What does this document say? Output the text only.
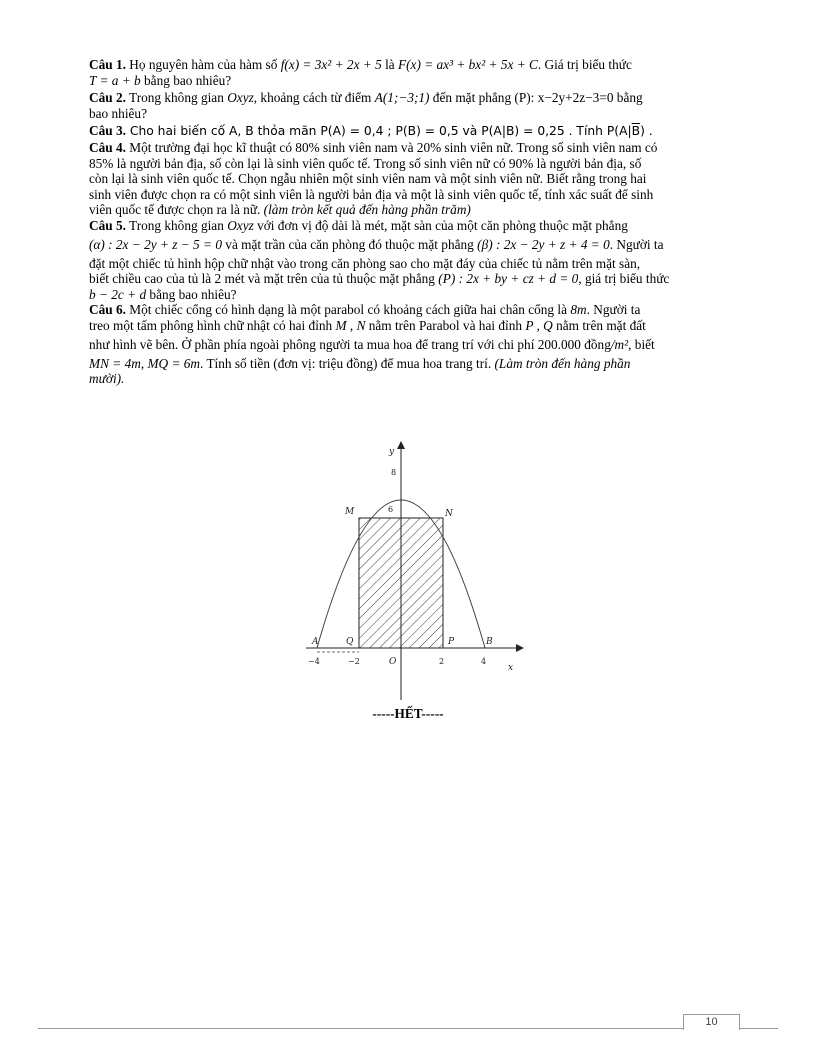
Câu 1. Họ nguyên hàm của hàm số f(x) = 3x² + 2x + 5 là F(x) = ax³ + bx² + 5x + C. Giá trị biểu thức
T = a + b bằng bao nhiêu?

Câu 2. Trong không gian Oxyz, khoảng cách từ điểm A(1;−3;1) đến mặt phẳng (P): x−2y+2z−3=0 bằng
bao nhiêu?

Câu 3. Cho hai biến cố A, B thỏa mãn P(A) = 0,4 ; P(B) = 0,5 và P(A|B) = 0,25 . Tính $P(A|\overline{B})$ .

Câu 4. Một trường đại học kĩ thuật có 80% sinh viên nam và 20% sinh viên nữ. Trong số sinh viên nam có
85% là người bản địa, số còn lại là sinh viên quốc tế. Trong số sinh viên nữ có 90% là người bản địa, số
còn lại là sinh viên quốc tế. Chọn ngẫu nhiên một sinh viên nam và một sinh viên nữ. Biết rằng trong hai
sinh viên được chọn ra có một sinh viên là người bản địa và một là sinh viên quốc tế, tính xác suất để sinh
viên quốc tế được chọn ra là nữ. (làm tròn kết quả đến hàng phần trăm)

Câu 5. Trong không gian Oxyz với đơn vị độ dài là mét, mặt sàn của một căn phòng thuộc mặt phẳng
(α) : 2x − 2y + z − 5 = 0 và mặt trần của căn phòng đó thuộc mặt phẳng (β) : 2x − 2y + z + 4 = 0. Người ta
đặt một chiếc tủ hình hộp chữ nhật vào trong căn phòng sao cho mặt đáy của chiếc tủ nằm trên mặt sàn,
biết chiều cao của tủ là 2 mét và mặt trên của tủ thuộc mặt phẳng (P) : 2x + by + cz + d = 0, giá trị biểu thức
b − 2c + d bằng bao nhiêu?

Câu 6. Một chiếc cổng có hình dạng là một parabol có khoảng cách giữa hai chân cổng là 8m. Người ta
treo một tấm phông hình chữ nhật có hai đỉnh M , N nằm trên Parabol và hai đỉnh P , Q nằm trên mặt đất
như hình vẽ bên. Ở phần phía ngoài phông người ta mua hoa để trang trí với chi phí 200.000 đồng/m², biết
MN = 4m, MQ = 6m. Tính số tiền (đơn vị: triệu đồng) để mua hoa trang trí. (Làm tròn đến hàng phần
mười).

y
x
O
M	N
A	Q	P	B
8
6
−4	−2	2	4
-----HẾT-----
10
